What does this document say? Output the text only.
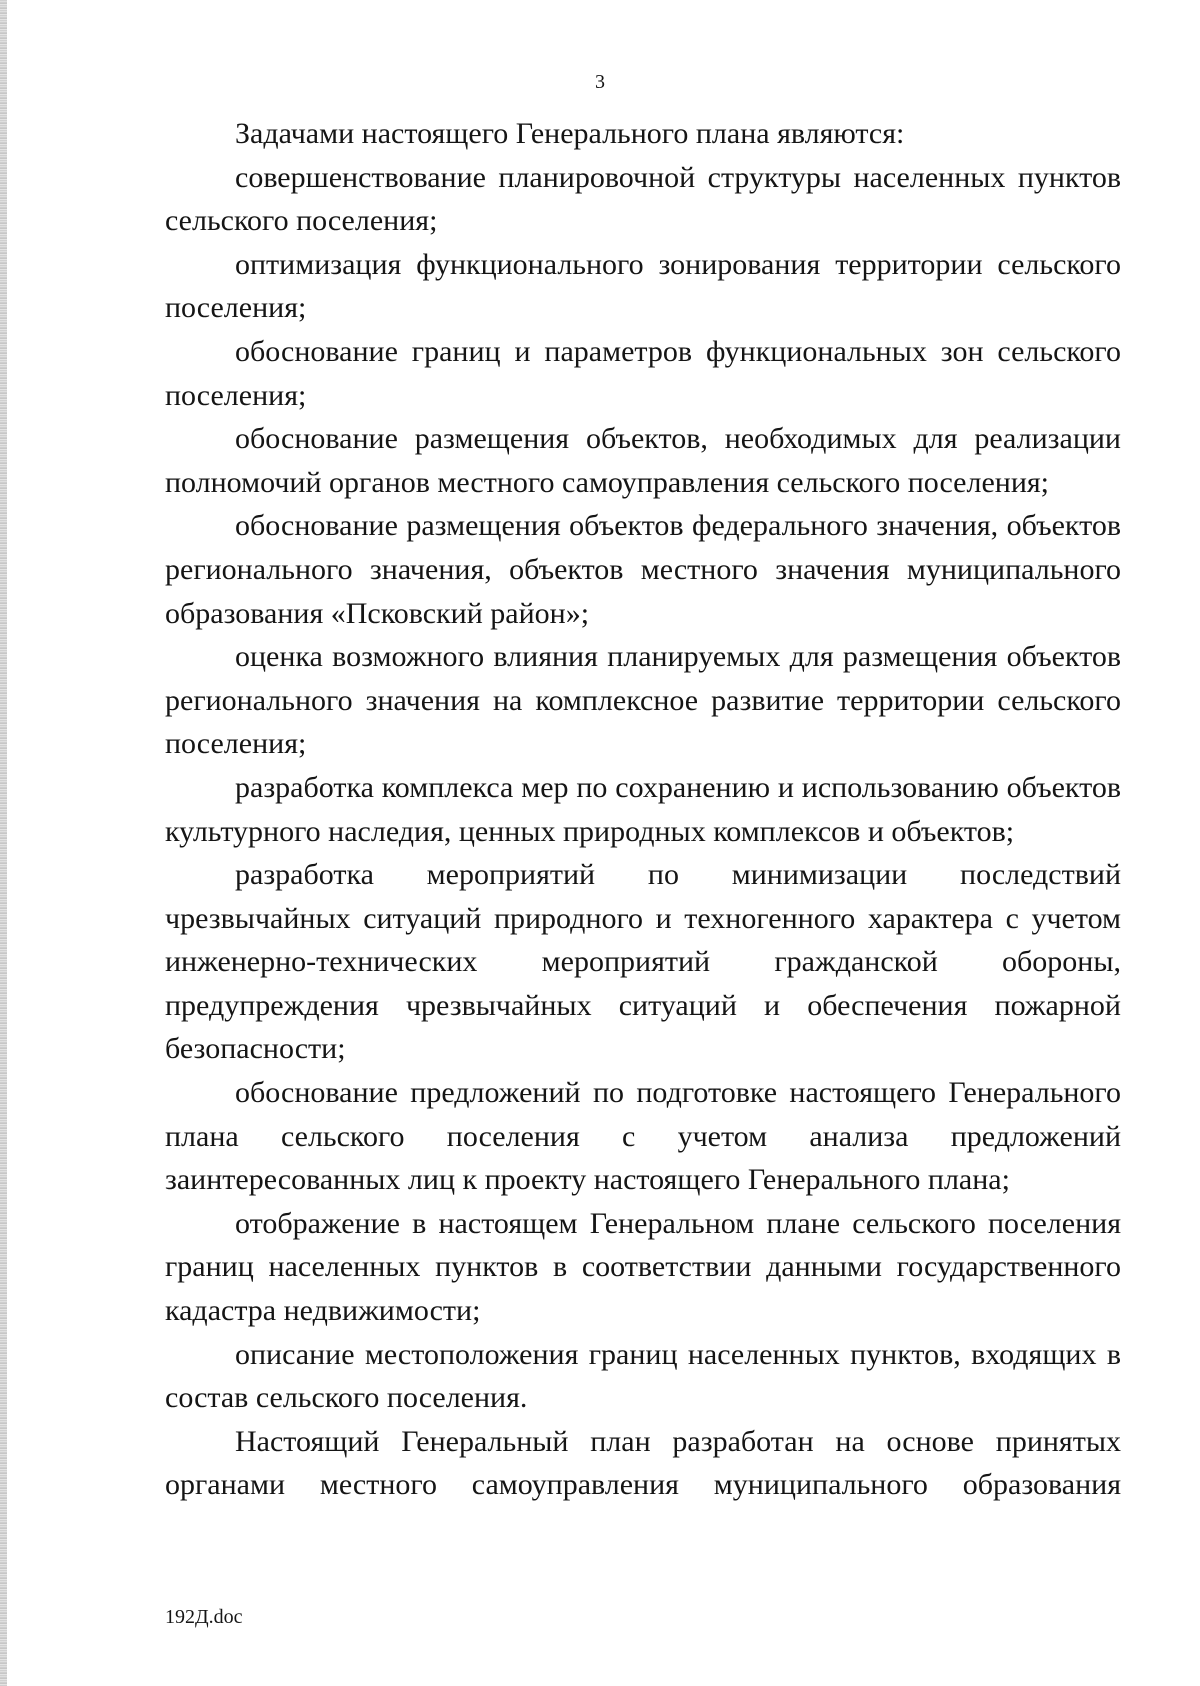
3

Задачами настоящего Генерального плана являются:

совершенствование планировочной структуры населенных пунктов сельского поселения;

оптимизация функционального зонирования территории сельского поселения;

обоснование границ и параметров функциональных зон сельского поселения;

обоснование размещения объектов, необходимых для реализации полномочий органов местного самоуправления сельского поселения;

обоснование размещения объектов федерального значения, объектов регионального значения, объектов местного значения муниципального образования «Псковский район»;

оценка возможного влияния планируемых для размещения объектов регионального значения на комплексное развитие территории сельского поселения;

разработка комплекса мер по сохранению и использованию объектов культурного наследия, ценных природных комплексов и объектов;

разработка мероприятий по минимизации последствий чрезвычайных ситуаций природного и техногенного характера с учетом инженерно-технических мероприятий гражданской обороны, предупреждения чрезвычайных ситуаций и обеспечения пожарной безопасности;

обоснование предложений по подготовке настоящего Генерального плана сельского поселения с учетом анализа предложений заинтересованных лиц к проекту настоящего Генерального плана;

отображение в настоящем Генеральном плане сельского поселения границ населенных пунктов в соответствии данными государственного кадастра недвижимости;

описание местоположения границ населенных пунктов, входящих в состав сельского поселения.

Настоящий Генеральный план разработан на основе принятых органами местного самоуправления муниципального образования

192Д.doc
